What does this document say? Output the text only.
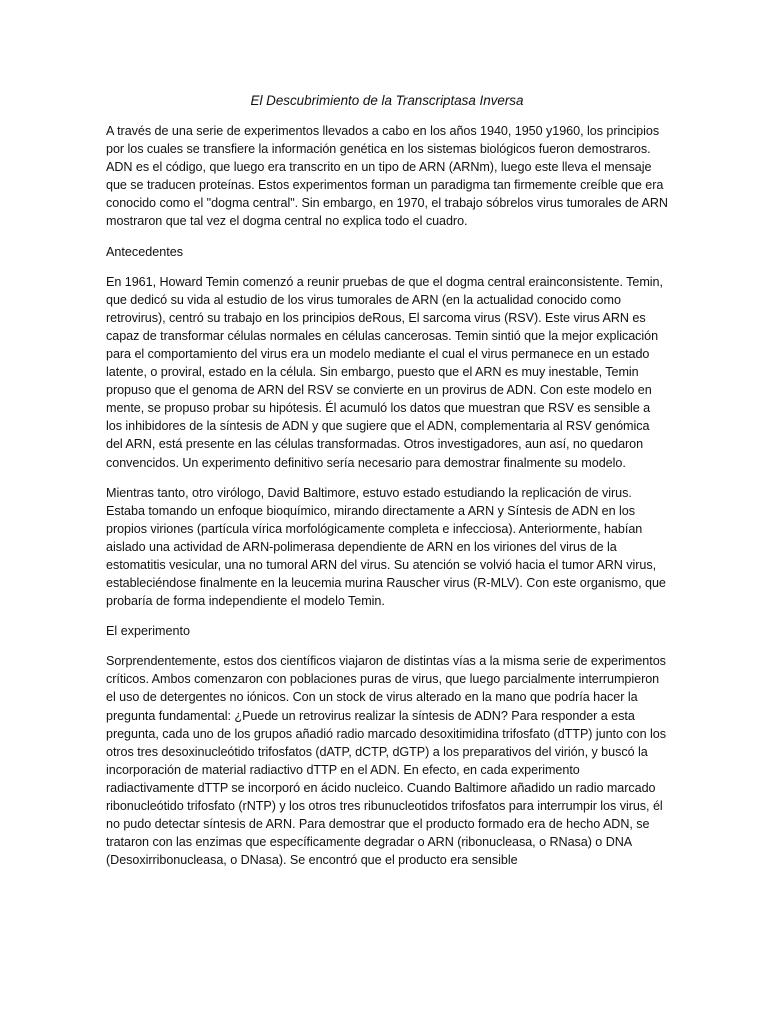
El Descubrimiento de la Transcriptasa Inversa

A través de una serie de experimentos llevados a cabo en los años 1940, 1950 y1960, los principios por los cuales se transfiere la información genética en los sistemas biológicos fueron demostraros. ADN es el código, que luego era transcrito en un tipo de ARN (ARNm), luego este lleva el mensaje que se traducen proteínas. Estos experimentos forman un paradigma tan firmemente creíble que era conocido como el "dogma central". Sin embargo, en 1970, el trabajo sóbrelos virus tumorales de ARN mostraron que tal vez el dogma central no explica todo el cuadro.

Antecedentes

En 1961, Howard Temin comenzó a reunir pruebas de que el dogma central erainconsistente. Temin, que dedicó su vida al estudio de los virus tumorales de ARN (en la actualidad conocido como retrovirus), centró su trabajo en los principios deRous, El sarcoma virus (RSV). Este virus ARN es capaz de transformar células normales en células cancerosas. Temin sintió que la mejor explicación para el comportamiento del virus era un modelo mediante el cual el virus permanece en un estado latente, o proviral, estado en la célula. Sin embargo, puesto que el ARN es muy inestable, Temin propuso que el genoma de ARN del RSV se convierte en un provirus de ADN. Con este modelo en mente, se propuso probar su hipótesis. Él acumuló los datos que muestran que RSV es sensible a los inhibidores de la síntesis de ADN y que sugiere que el ADN, complementaria al RSV genómica del ARN, está presente en las células transformadas. Otros investigadores, aun así, no quedaron convencidos. Un experimento definitivo sería necesario para demostrar finalmente su modelo.

Mientras tanto, otro virólogo, David Baltimore, estuvo estado estudiando la replicación de virus. Estaba tomando un enfoque bioquímico, mirando directamente a ARN y Síntesis de ADN en los propios viriones (partícula vírica morfológicamente completa e infecciosa). Anteriormente, habían aislado una actividad de ARN-polimerasa dependiente de ARN en los viriones del virus de la estomatitis vesicular, una no tumoral ARN del virus. Su atención se volvió hacia el tumor ARN virus, estableciéndose finalmente en la leucemia murina Rauscher virus (R-MLV). Con este organismo, que probaría de forma independiente el modelo Temin.

El experimento

Sorprendentemente, estos dos científicos viajaron de distintas vías a la misma serie de experimentos críticos. Ambos comenzaron con poblaciones puras de virus, que luego parcialmente interrumpieron el uso de detergentes no iónicos. Con un stock de virus alterado en la mano que podría hacer la pregunta fundamental: ¿Puede un retrovirus realizar la síntesis de ADN? Para responder a esta pregunta, cada uno de los grupos añadió radio marcado desoxitimidina trifosfato (dTTP) junto con los otros tres desoxinucleótido trifosfatos (dATP, dCTP, dGTP) a los preparativos del virión, y buscó la incorporación de material radiactivo dTTP en el ADN. En efecto, en cada experimento radiactivamente dTTP se incorporó en ácido nucleico. Cuando Baltimore añadido un radio marcado ribonucleótido trifosfato (rNTP) y los otros tres ribunucleotidos trifosfatos para interrumpir los virus, él no pudo detectar síntesis de ARN. Para demostrar que el producto formado era de hecho ADN, se trataron con las enzimas que específicamente degradar o ARN (ribonucleasa, o RNasa) o DNA (Desoxirribonucleasa, o DNasa). Se encontró que el producto era sensible
